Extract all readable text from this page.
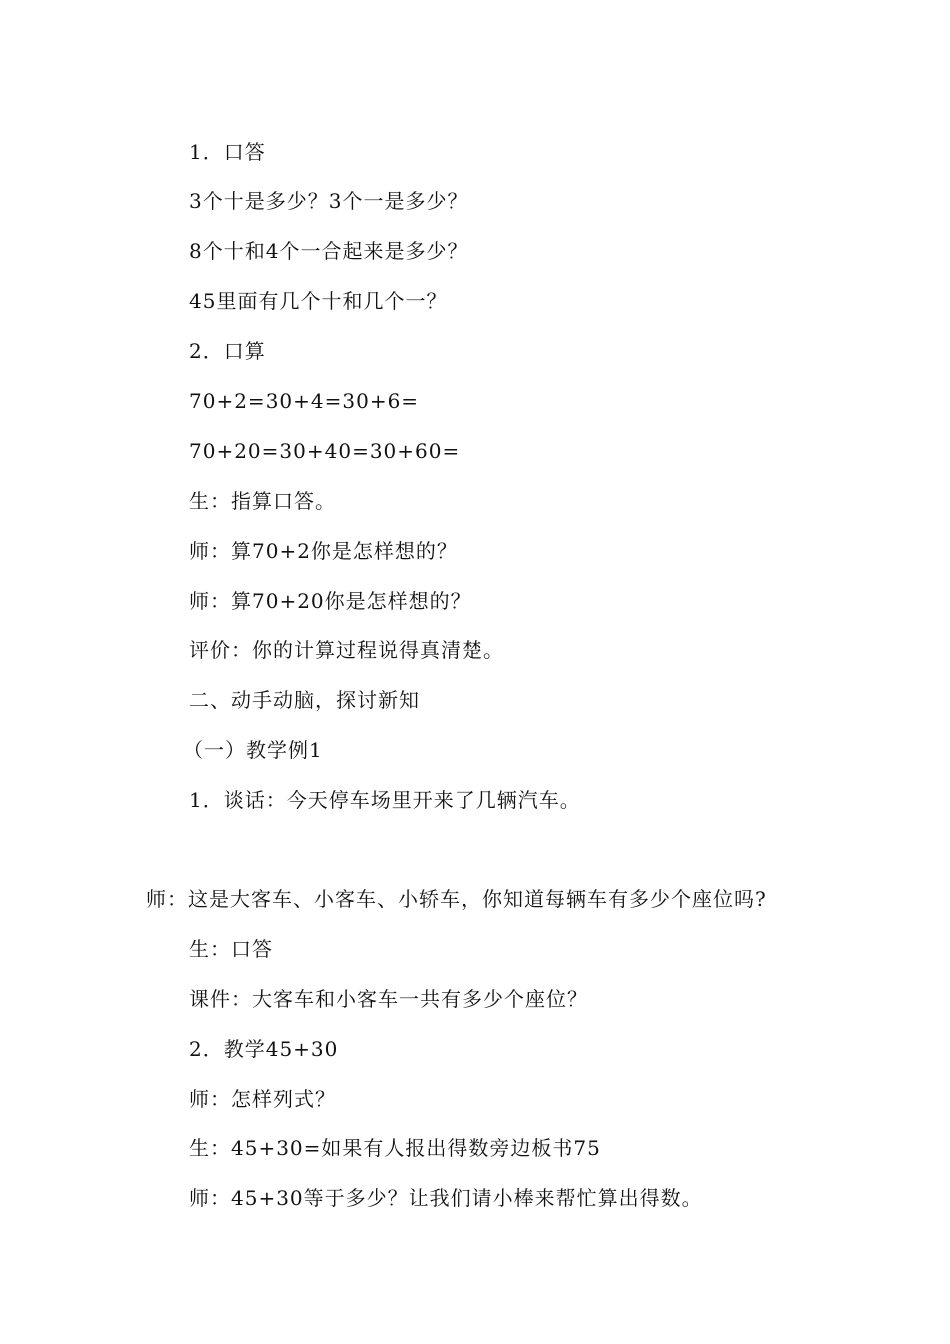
1．口答
3个十是多少？3个一是多少？
8个十和4个一合起来是多少？
45里面有几个十和几个一？
2．口算
70+2=30+4=30+6=
70+20=30+40=30+60=
生：指算口答。
师：算70+2你是怎样想的？
师：算70+20你是怎样想的？
评价：你的计算过程说得真清楚。
二、动手动脑，探讨新知
（一）教学例1
1．谈话：今天停车场里开来了几辆汽车。
师：这是大客车、小客车、小轿车，你知道每辆车有多少个座位吗?
生：口答
课件：大客车和小客车一共有多少个座位？
2．教学45+30
师：怎样列式？
生：45+30=如果有人报出得数旁边板书75
师：45+30等于多少？让我们请小棒来帮忙算出得数。
